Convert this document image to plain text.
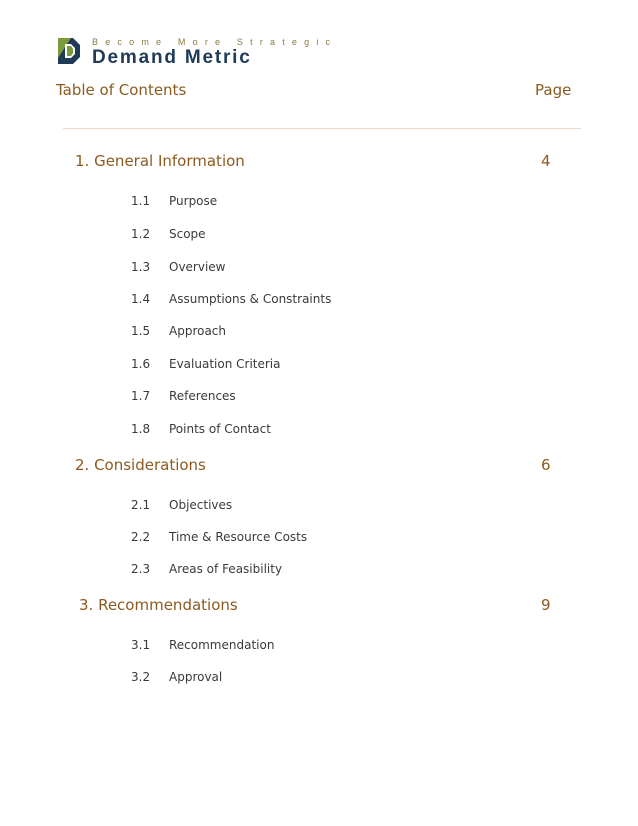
Become More Strategic
Demand Metric
Table of Contents	Page
1. General Information	4
1.1 Purpose
1.2 Scope
1.3 Overview
1.4 Assumptions & Constraints
1.5 Approach
1.6 Evaluation Criteria
1.7 References
1.8 Points of Contact
2. Considerations	6
2.1 Objectives
2.2 Time & Resource Costs
2.3 Areas of Feasibility
3. Recommendations	9
3.1 Recommendation
3.2 Approval
